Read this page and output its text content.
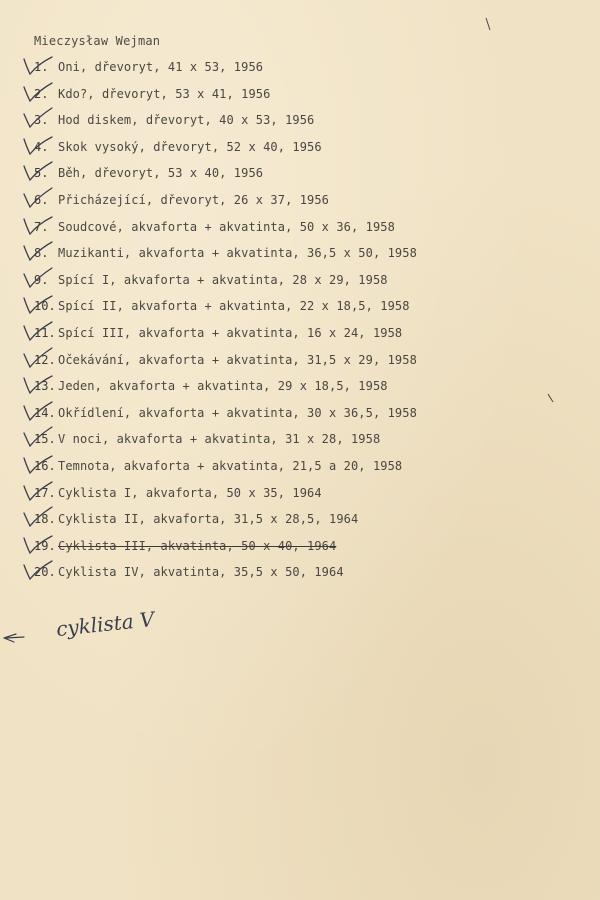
Mieczysław Wejman
1. Oni, dřevoryt, 41 x 53, 1956
2. Kdo?, dřevoryt, 53 x 41, 1956
3. Hod diskem, dřevoryt, 40 x 53, 1956
4. Skok vysoký, dřevoryt, 52 x 40, 1956
5. Běh, dřevoryt, 53 x 40, 1956
6. Přicházející, dřevoryt, 26 x 37, 1956
7. Soudcové, akvaforta + akvatinta, 50 x 36, 1958
8. Muzikanti, akvaforta + akvatinta, 36,5 x 50, 1958
9. Spící I, akvaforta + akvatinta, 28 x 29, 1958
10. Spící II, akvaforta + akvatinta, 22 x 18,5, 1958
11. Spící III, akvaforta + akvatinta, 16 x 24, 1958
12. Očekávání, akvaforta + akvatinta, 31,5 x 29, 1958
13. Jeden, akvaforta + akvatinta, 29 x 18,5, 1958
14. Okřídlení, akvaforta + akvatinta, 30 x 36,5, 1958
15. V noci, akvaforta + akvatinta, 31 x 28, 1958
16. Temnota, akvaforta + akvatinta, 21,5 a 20, 1958
17. Cyklista I, akvaforta, 50 x 35, 1964
18. Cyklista II, akvaforta, 31,5 x 28,5, 1964
19. Cyklista III, akvatinta, 50 x 40, 1964
20. Cyklista IV, akvatinta, 35,5 x 50, 1964
cyklista V
